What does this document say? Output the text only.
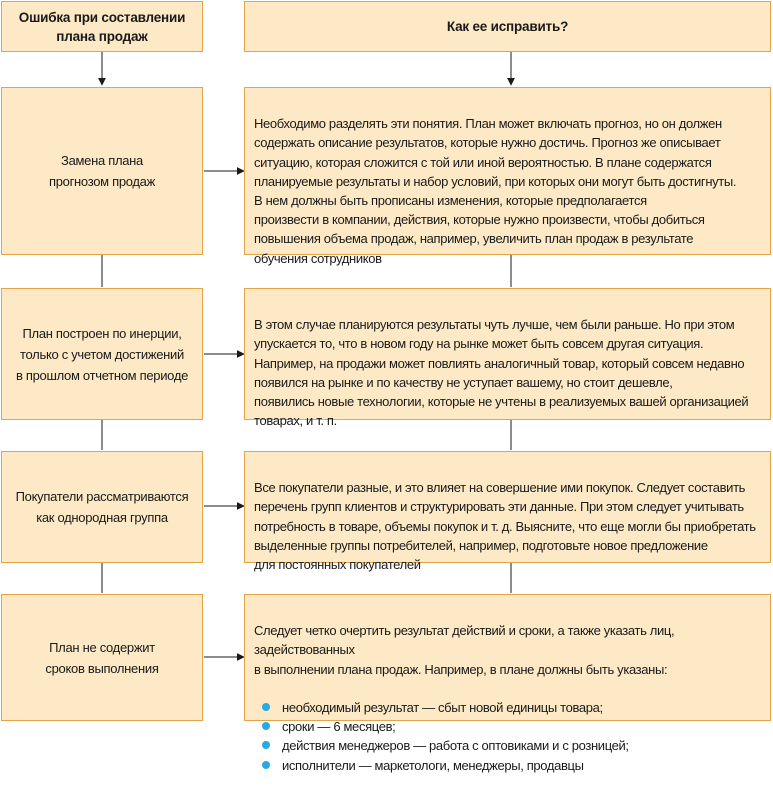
Ошибка при составлении
плана продаж
Как ее исправить?
Замена плана
прогнозом продаж

Необходимо разделять эти понятия. План может включать прогноз, но он должен
содержать описание результатов, которые нужно достичь. Прогноз же описывает
ситуацию, которая сложится с той или иной вероятностью. В плане содержатся
планируемые результаты и набор условий, при которых они могут быть достигнуты.
В нем должны быть прописаны изменения, которые предполагается
произвести в компании, действия, которые нужно произвести, чтобы добиться
повышения объема продаж, например, увеличить план продаж в результате
обучения сотрудников

План построен по инерции,
только с учетом достижений
в прошлом отчетном периоде

В этом случае планируются результаты чуть лучше, чем были раньше. Но при этом
упускается то, что в новом году на рынке может быть совсем другая ситуация.
Например, на продажи может повлиять аналогичный товар, который совсем недавно
появился на рынке и по качеству не уступает вашему, но стоит дешевле,
появились новые технологии, которые не учтены в реализуемых вашей организацией
товарах, и т. п.

Покупатели рассматриваются
как однородная группа

Все покупатели разные, и это влияет на совершение ими покупок. Следует составить
перечень групп клиентов и структурировать эти данные. При этом следует учитывать
потребность в товаре, объемы покупок и т. д. Выясните, что еще могли бы приобретать
выделенные группы потребителей, например, подготовьте новое предложение
для постоянных покупателей

План не содержит
сроков выполнения

Следует четко очертить результат действий и сроки, а также указать лиц, задействованных
в выполнении плана продаж. Например, в плане должны быть указаны:

необходимый результат — сбыт новой единицы товара;
сроки — 6 месяцев;
действия менеджеров — работа с оптовиками и с розницей;
исполнители — маркетологи, менеджеры, продавцы
